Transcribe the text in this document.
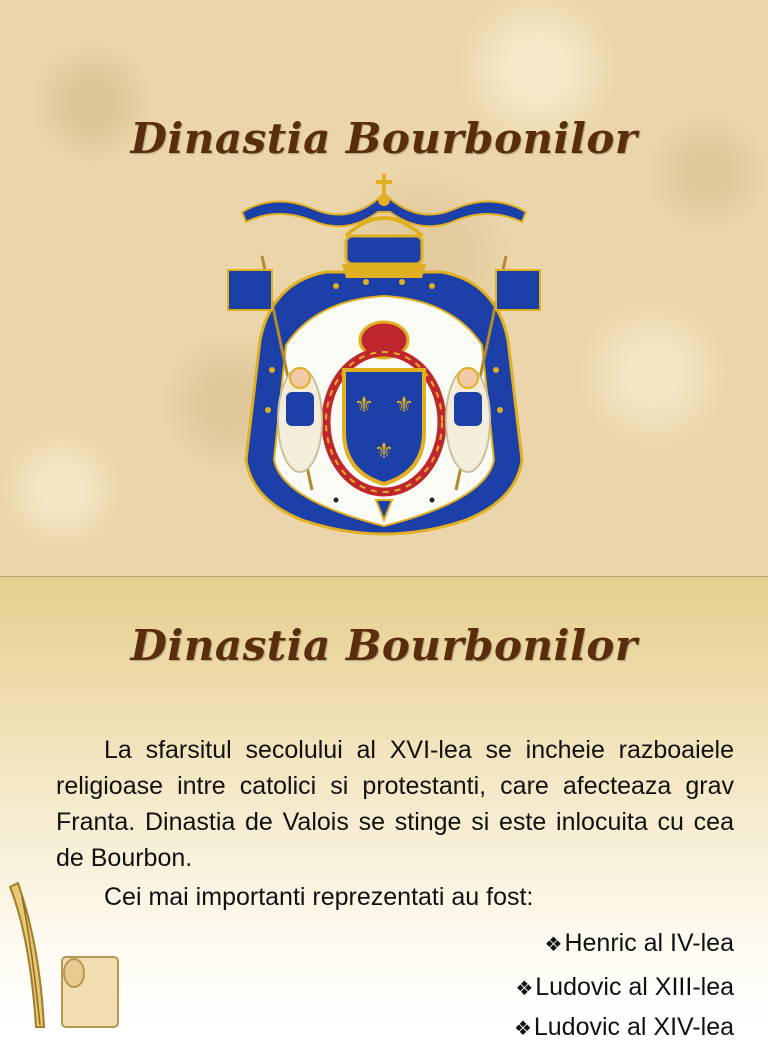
Dinastia Bourbonilor
⚜ ⚜
⚜
Dinastia Bourbonilor
La sfarsitul secolului al XVI-lea se incheie razboaiele religioase intre catolici si protestanti, care afecteaza grav Franta. Dinastia de Valois se stinge si este inlocuita cu cea de Bourbon.
Cei mai importanti reprezentati au fost:
❖Henric al IV-lea
❖Ludovic al XIII-lea
❖Ludovic al XIV-lea
